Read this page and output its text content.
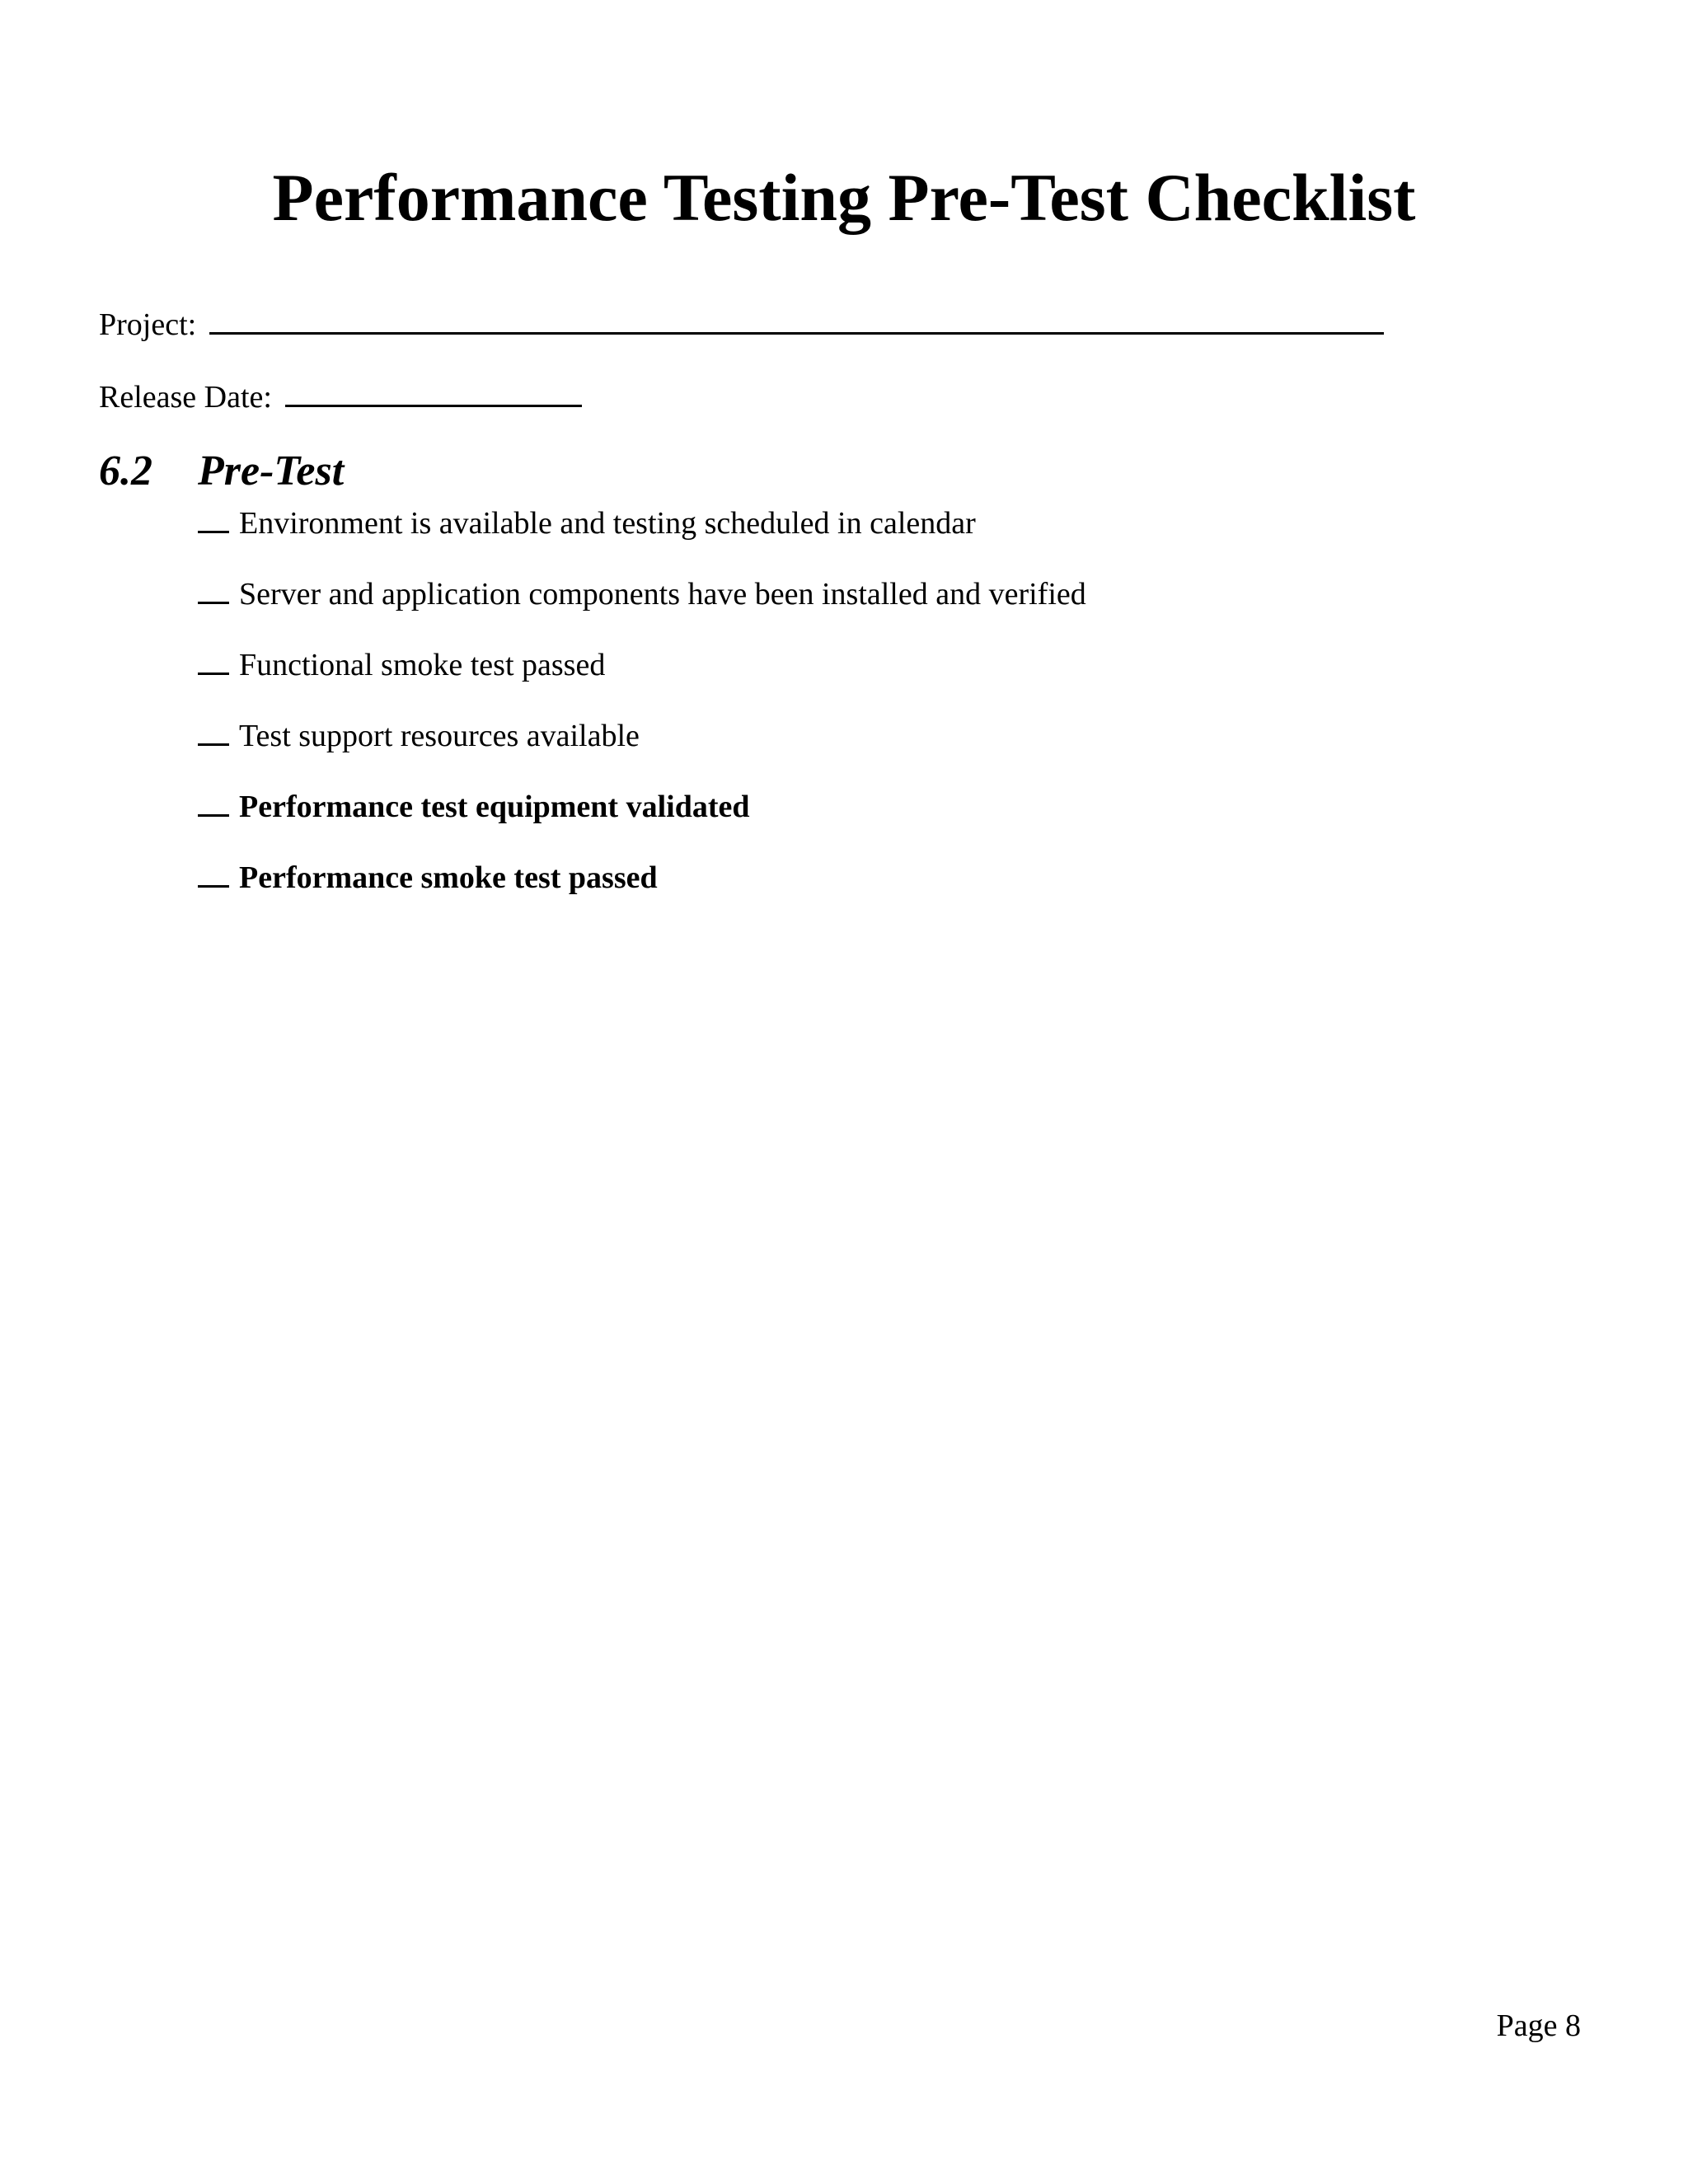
Performance Testing Pre-Test Checklist
Project:
Release Date:
6.2	Pre-Test
Environment is available and testing scheduled in calendar
Server and application components have been installed and verified
Functional smoke test passed
Test support resources available
Performance test equipment validated
Performance smoke test passed
Page 8
